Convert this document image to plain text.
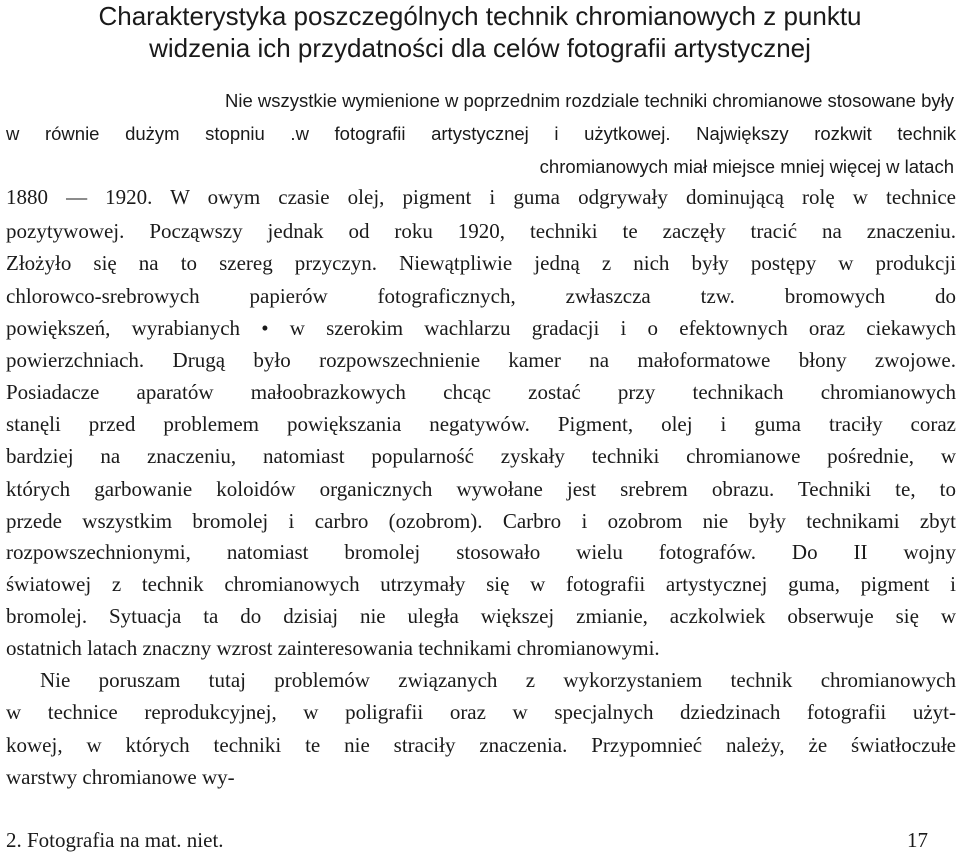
Charakterystyka poszczególnych technik chromianowych z punktu
widzenia ich przydatności dla celów fotografii artystycznej
Nie wszystkie wymienione w poprzednim rozdziale techniki chromianowe stosowane były
w równie dużym stopniu .w fotografii artystycznej i użytkowej. Największy rozkwit technik
chromianowych miał miejsce mniej więcej w latach
1880 — 1920. W owym czasie olej, pigment i guma odgrywały dominującą rolę w technice
pozytywowej. Począwszy jednak od roku 1920, techniki te zaczęły tracić na znaczeniu.
Złożyło się na to szereg przyczyn. Niewątpliwie jedną z nich były postępy w produkcji
chlorowco-srebrowych papierów fotograficznych, zwłaszcza tzw. bromowych do
powiększeń, wyrabianych • w szerokim wachlarzu gradacji i o efektownych oraz ciekawych
powierzchniach. Drugą było rozpowszechnienie kamer na małoformatowe błony zwojowe.
Posiadacze aparatów małoobrazkowych chcąc zostać przy technikach chromianowych
stanęli przed problemem powiększania negatywów. Pigment, olej i guma traciły coraz
bardziej na znaczeniu, natomiast popularność zyskały techniki chromianowe pośrednie, w
których garbowanie koloidów organicznych wywołane jest srebrem obrazu. Techniki te, to
przede wszystkim bromolej i carbro (ozobrom). Carbro i ozobrom nie były technikami zbyt
rozpowszechnionymi, natomiast bromolej stosowało wielu fotografów. Do II wojny
światowej z technik chromianowych utrzymały się w fotografii artystycznej guma, pigment i
bromolej. Sytuacja ta do dzisiaj nie uległa większej zmianie, aczkolwiek obserwuje się w
ostatnich latach znaczny wzrost zainteresowania technikami chromianowymi.
Nie poruszam tutaj problemów związanych z wykorzystaniem technik chromianowych
w technice reprodukcyjnej, w poligrafii oraz w specjalnych dziedzinach fotografii użyt-
kowej, w których techniki te nie straciły znaczenia. Przypomnieć należy, że światłoczułe
warstwy chromianowe wy-
2. Fotografia na mat. niet.	17
